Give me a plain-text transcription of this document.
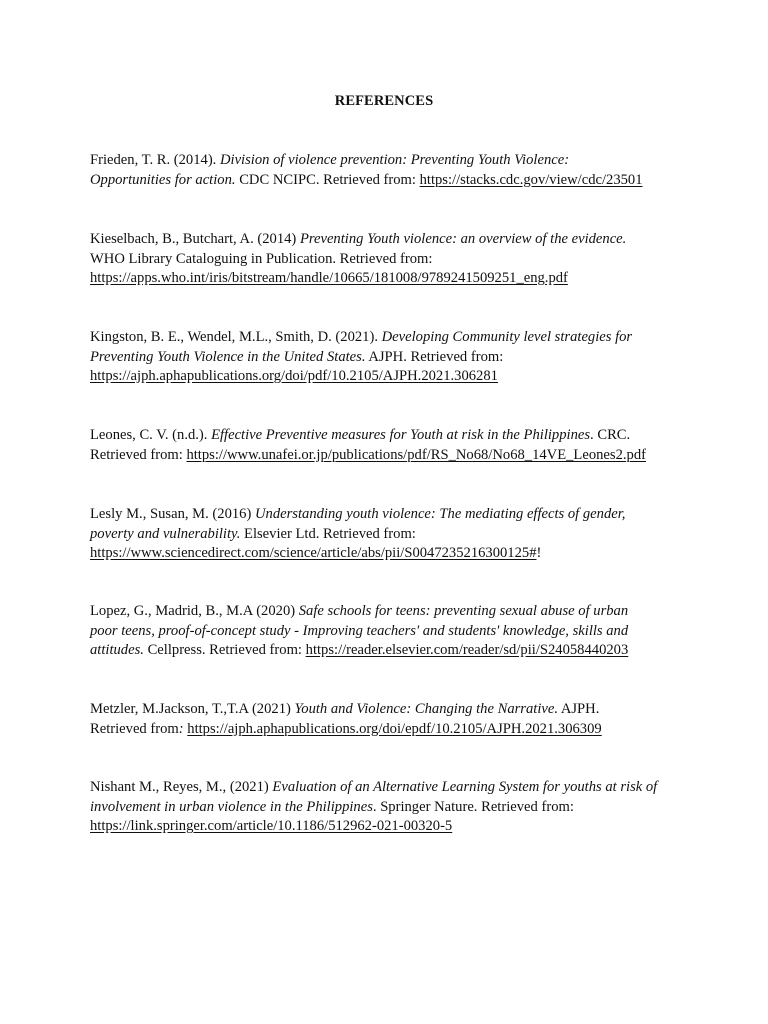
REFERENCES
Frieden, T. R. (2014). Division of violence prevention: Preventing Youth Violence:
Opportunities for action. CDC NCIPC. Retrieved from: https://stacks.cdc.gov/view/cdc/23501
Kieselbach, B., Butchart, A. (2014) Preventing Youth violence: an overview of the evidence.
WHO Library Cataloguing in Publication. Retrieved from:
https://apps.who.int/iris/bitstream/handle/10665/181008/9789241509251_eng.pdf
Kingston, B. E., Wendel, M.L., Smith, D. (2021). Developing Community level strategies for
Preventing Youth Violence in the United States. AJPH. Retrieved from:
https://ajph.aphapublications.org/doi/pdf/10.2105/AJPH.2021.306281
Leones, C. V. (n.d.). Effective Preventive measures for Youth at risk in the Philippines. CRC.
Retrieved from: https://www.unafei.or.jp/publications/pdf/RS_No68/No68_14VE_Leones2.pdf
Lesly M., Susan, M. (2016) Understanding youth violence: The mediating effects of gender,
poverty and vulnerability. Elsevier Ltd. Retrieved from:
https://www.sciencedirect.com/science/article/abs/pii/S0047235216300125#!
Lopez, G., Madrid, B., M.A (2020) Safe schools for teens: preventing sexual abuse of urban
poor teens, proof-of-concept study - Improving teachers' and students' knowledge, skills and
attitudes. Cellpress. Retrieved from: https://reader.elsevier.com/reader/sd/pii/S24058440203
Metzler, M.Jackson, T.,T.A (2021) Youth and Violence: Changing the Narrative. AJPH.
Retrieved from: https://ajph.aphapublications.org/doi/epdf/10.2105/AJPH.2021.306309
Nishant M., Reyes, M., (2021) Evaluation of an Alternative Learning System for youths at risk of
involvement in urban violence in the Philippines. Springer Nature. Retrieved from:
https://link.springer.com/article/10.1186/512962-021-00320-5
